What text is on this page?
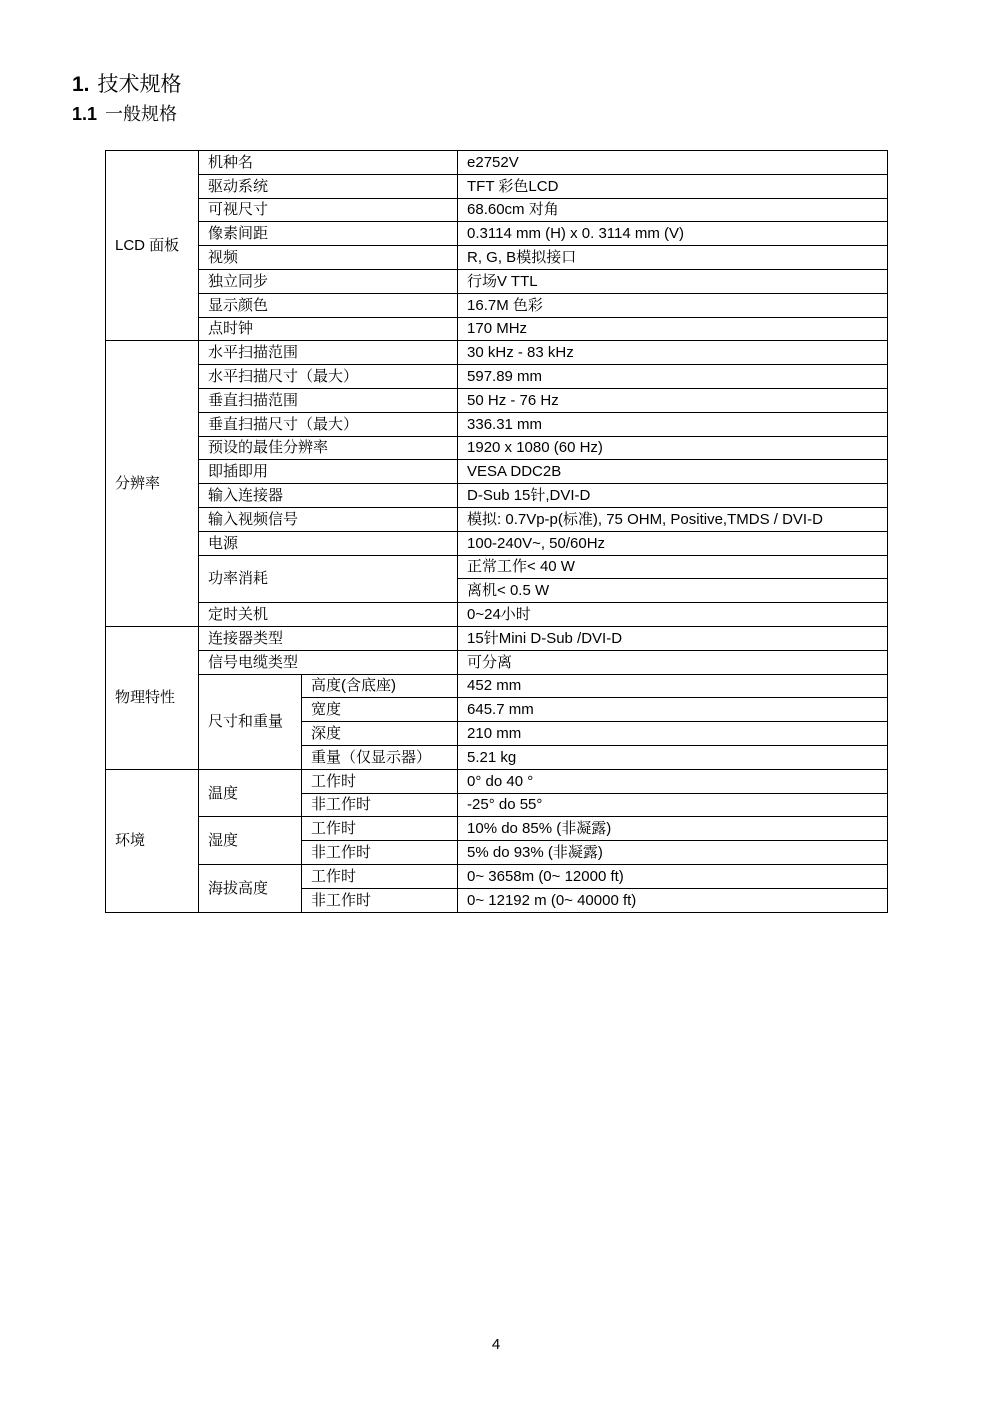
1. 技术规格
1.1 一般规格
LCD 面板	机种名		e2752V
	驱动系统		TFT 彩色LCD
	可视尺寸		68.60cm 对角
	像素间距		0.3114 mm (H) x 0. 3114 mm (V)
	视频		R, G, B模拟接口
	独立同步		行场V TTL
	显示颜色		16.7M 色彩
	点时钟		170 MHz
分辨率	水平扫描范围		30 kHz - 83 kHz
	水平扫描尺寸（最大）		597.89 mm
	垂直扫描范围		50 Hz - 76 Hz
	垂直扫描尺寸（最大）		336.31 mm
	预设的最佳分辨率		1920 x 1080 (60 Hz)
	即插即用		VESA DDC2B
	输入连接器		D-Sub 15针,DVI-D
	输入视频信号		模拟: 0.7Vp-p(标准), 75 OHM, Positive,TMDS / DVI-D
	电源		100-240V~, 50/60Hz
	功率消耗		正常工作< 40 W
			离机< 0.5 W
	定时关机		0~24小时
物理特性	连接器类型		15针Mini D-Sub /DVI-D
	信号电缆类型		可分离
	尺寸和重量	高度(含底座)	452 mm
		宽度	645.7 mm
		深度	210 mm
		重量（仅显示器）	5.21 kg
环境	温度	工作时	0° do 40 °
		非工作时	-25° do 55°
	湿度	工作时	10% do 85% (非凝露)
		非工作时	5% do 93% (非凝露)
	海拔高度	工作时	0~ 3658m (0~ 12000 ft)
		非工作时	0~ 12192 m (0~ 40000 ft)
4
